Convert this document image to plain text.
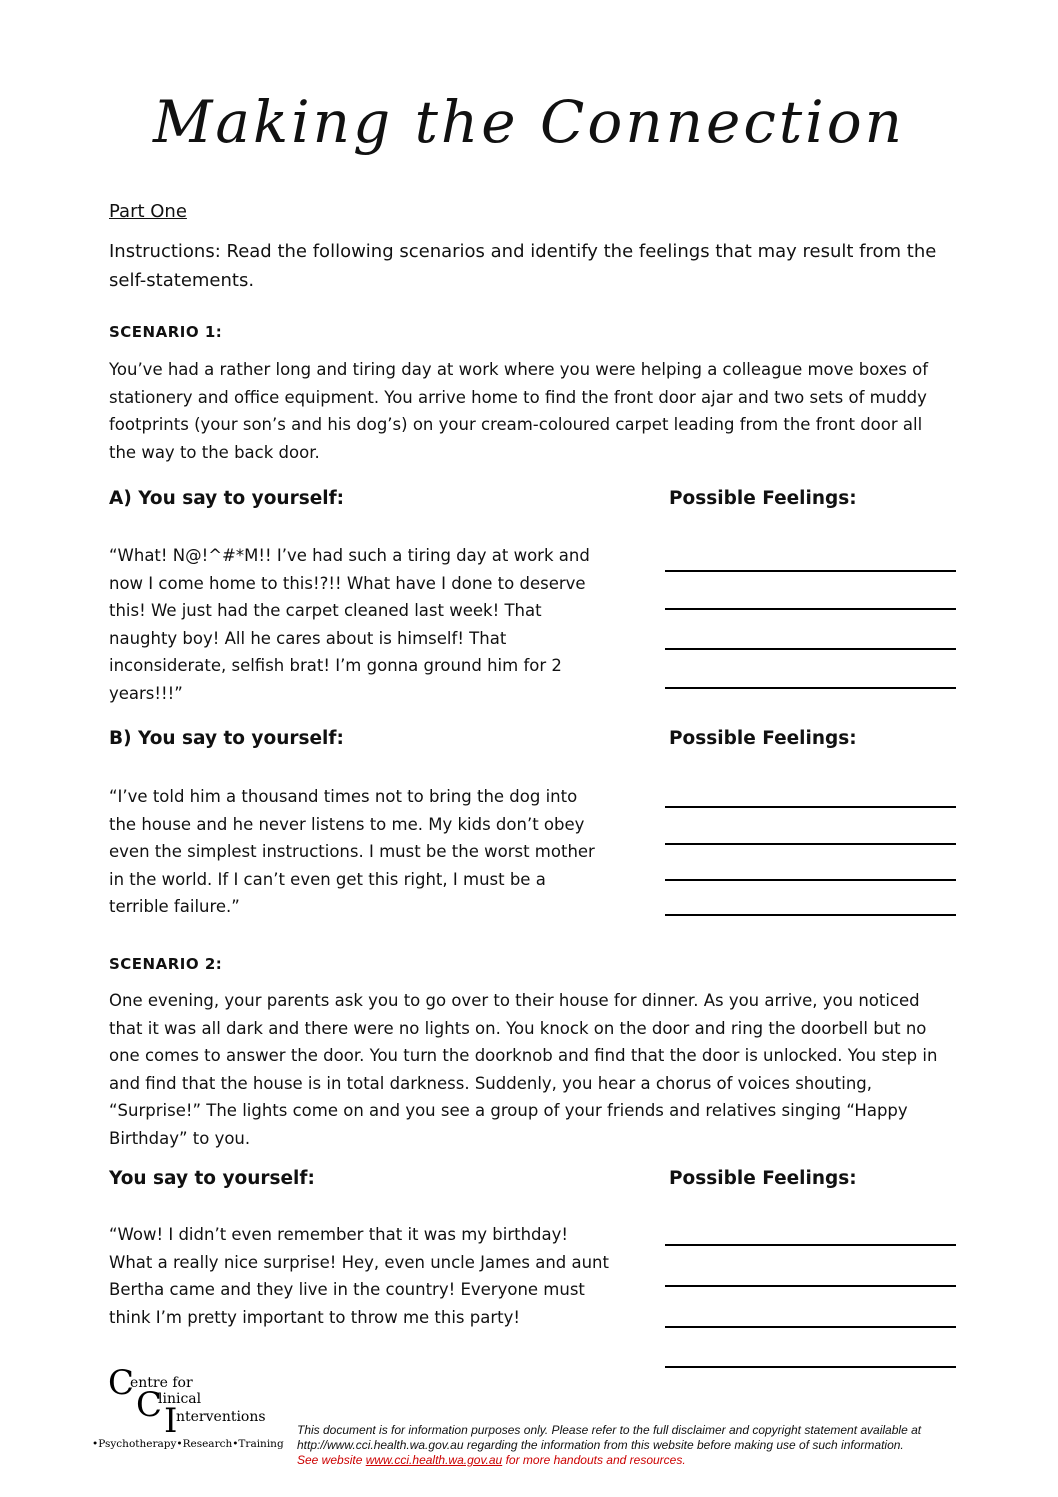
Making the Connection
Part One
Instructions: Read the following scenarios and identify the feelings that may result from the self-statements.
SCENARIO 1:
You’ve had a rather long and tiring day at work where you were helping a colleague move boxes of stationery and office equipment. You arrive home to find the front door ajar and two sets of muddy footprints (your son’s and his dog’s) on your cream-coloured carpet leading from the front door all the way to the back door.
A) You say to yourself:	Possible Feelings:
“What! N@!^#*M!! I’ve had such a tiring day at work and now I come home to this!?!! What have I done to deserve this! We just had the carpet cleaned last week! That naughty boy! All he cares about is himself! That inconsiderate, selfish brat! I’m gonna ground him for 2 years!!!”
B) You say to yourself:	Possible Feelings:
“I’ve told him a thousand times not to bring the dog into the house and he never listens to me. My kids don’t obey even the simplest instructions. I must be the worst mother in the world. If I can’t even get this right, I must be a terrible failure.”
SCENARIO 2:
One evening, your parents ask you to go over to their house for dinner. As you arrive, you noticed that it was all dark and there were no lights on. You knock on the door and ring the doorbell but no one comes to answer the door. You turn the doorknob and find that the door is unlocked. You step in and find that the house is in total darkness. Suddenly, you hear a chorus of voices shouting, “Surprise!” The lights come on and you see a group of your friends and relatives singing “Happy Birthday” to you.
You say to yourself:	Possible Feelings:
“Wow! I didn’t even remember that it was my birthday! What a really nice surprise! Hey, even uncle James and aunt Bertha came and they live in the country! Everyone must think I’m pretty important to throw me this party!
C
entre for
C
linical
I
nterventions
•Psychotherapy•Research•Training
This document is for information purposes only. Please refer to the full disclaimer and copyright statement available at http://www.cci.health.wa.gov.au regarding the information from this website before making use of such information.
See website www.cci.health.wa.gov.au for more handouts and resources.
